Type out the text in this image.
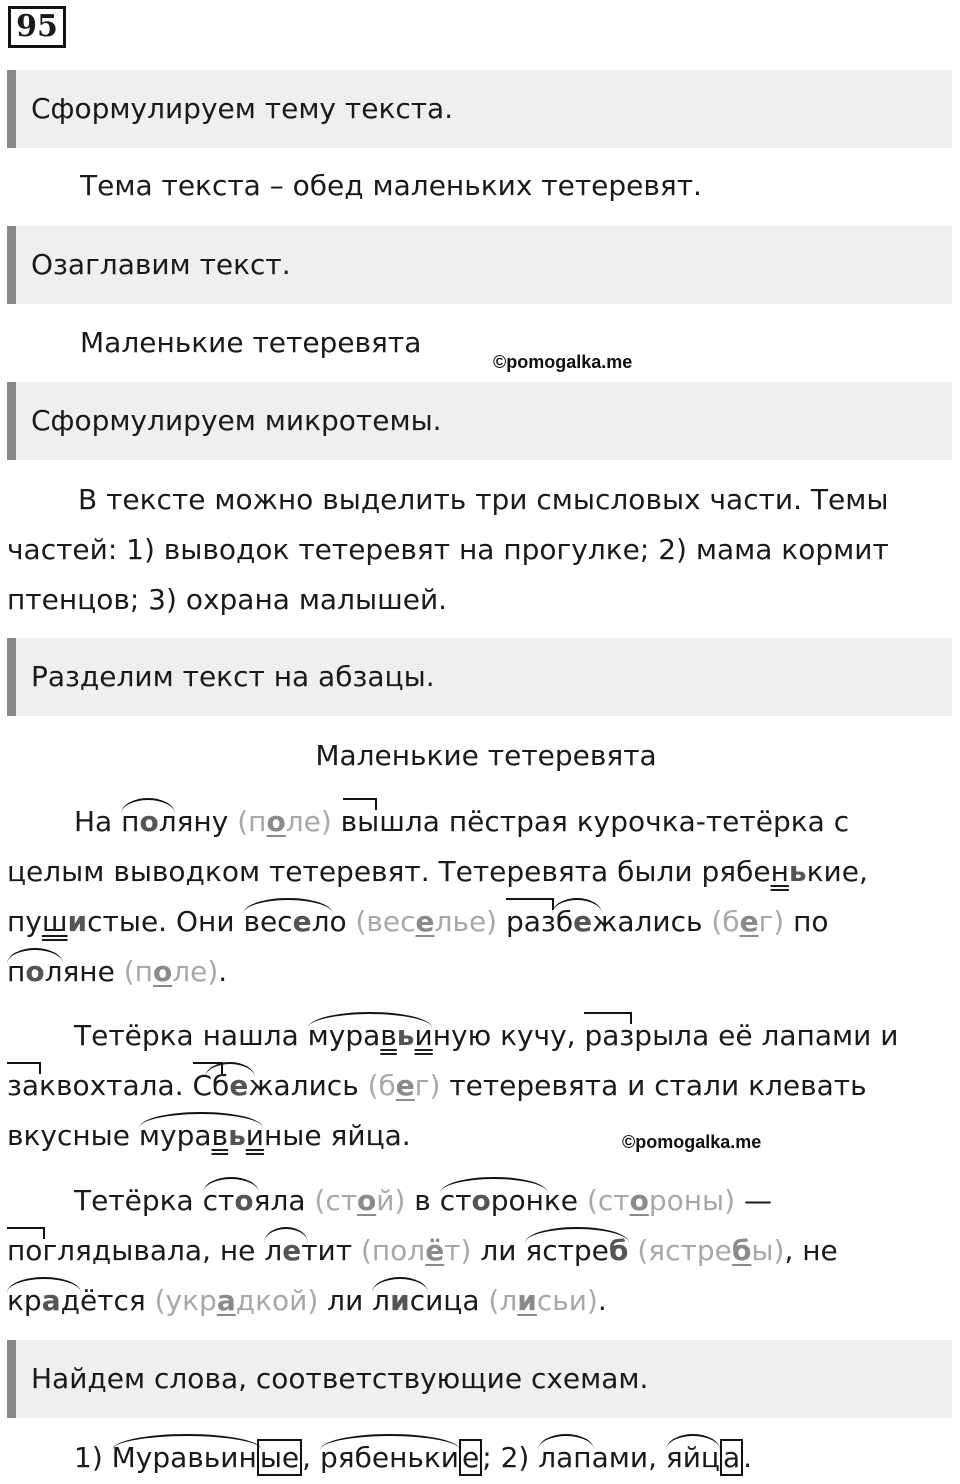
95
Сформулируем тему текста.
Тема текста – обед маленьких тетеревят.
Озаглавим текст.
Маленькие тетеревята
©pomogalka.me
Сформулируем микротемы.
В тексте можно выделить три смысловых части. Темы
частей: 1) выводок тетеревят на прогулке; 2) мама кормит
птенцов; 3) охрана малышей.
Разделим текст на абзацы.
Маленькие тетеревята
На поляну
(поле) вышла
пёстрая курочка-тетёрка с
целым выводком тетеревят. Тетеревята были рябенькие,
пушистые. Они весело
(веселье) разбежались
(бег) по
поляне
(поле).
Тетёрка нашла муравьиную
кучу, разрыла
её лапами и
заквохтала
. Сбежались
(бег) тетеревята и стали клевать
вкусные муравьиные
яйца.	©pomogalka.me
Тетёрка стояла
(стой) в сторонке
(стороны) —
поглядывала
, не летит
(полёт) ли ястреб
(ястребы), не
крадётся
(украдкой) ли лисица
(лисьи).
Найдем слова, соответствующие схемам.
1) Муравьин ые , рябеньки е ; 2) лапами
, яйц а .
